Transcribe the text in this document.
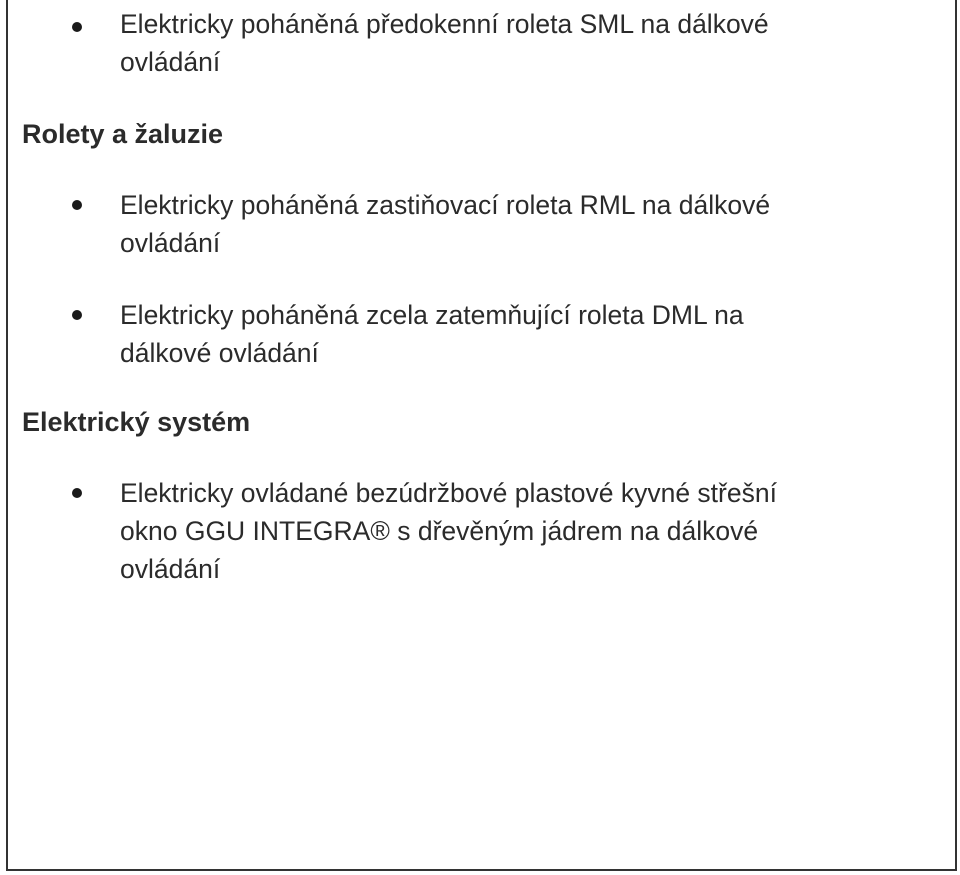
Elektricky poháněná předokenní roleta SML na dálkové
ovládání
Rolety a žaluzie
Elektricky poháněná zastiňovací roleta RML na dálkové
ovládání
Elektricky poháněná zcela zatemňující roleta DML na
dálkové ovládání
Elektrický systém
Elektricky ovládané bezúdržbové plastové kyvné střešní
okno GGU INTEGRA® s dřevěným jádrem na dálkové
ovládání
